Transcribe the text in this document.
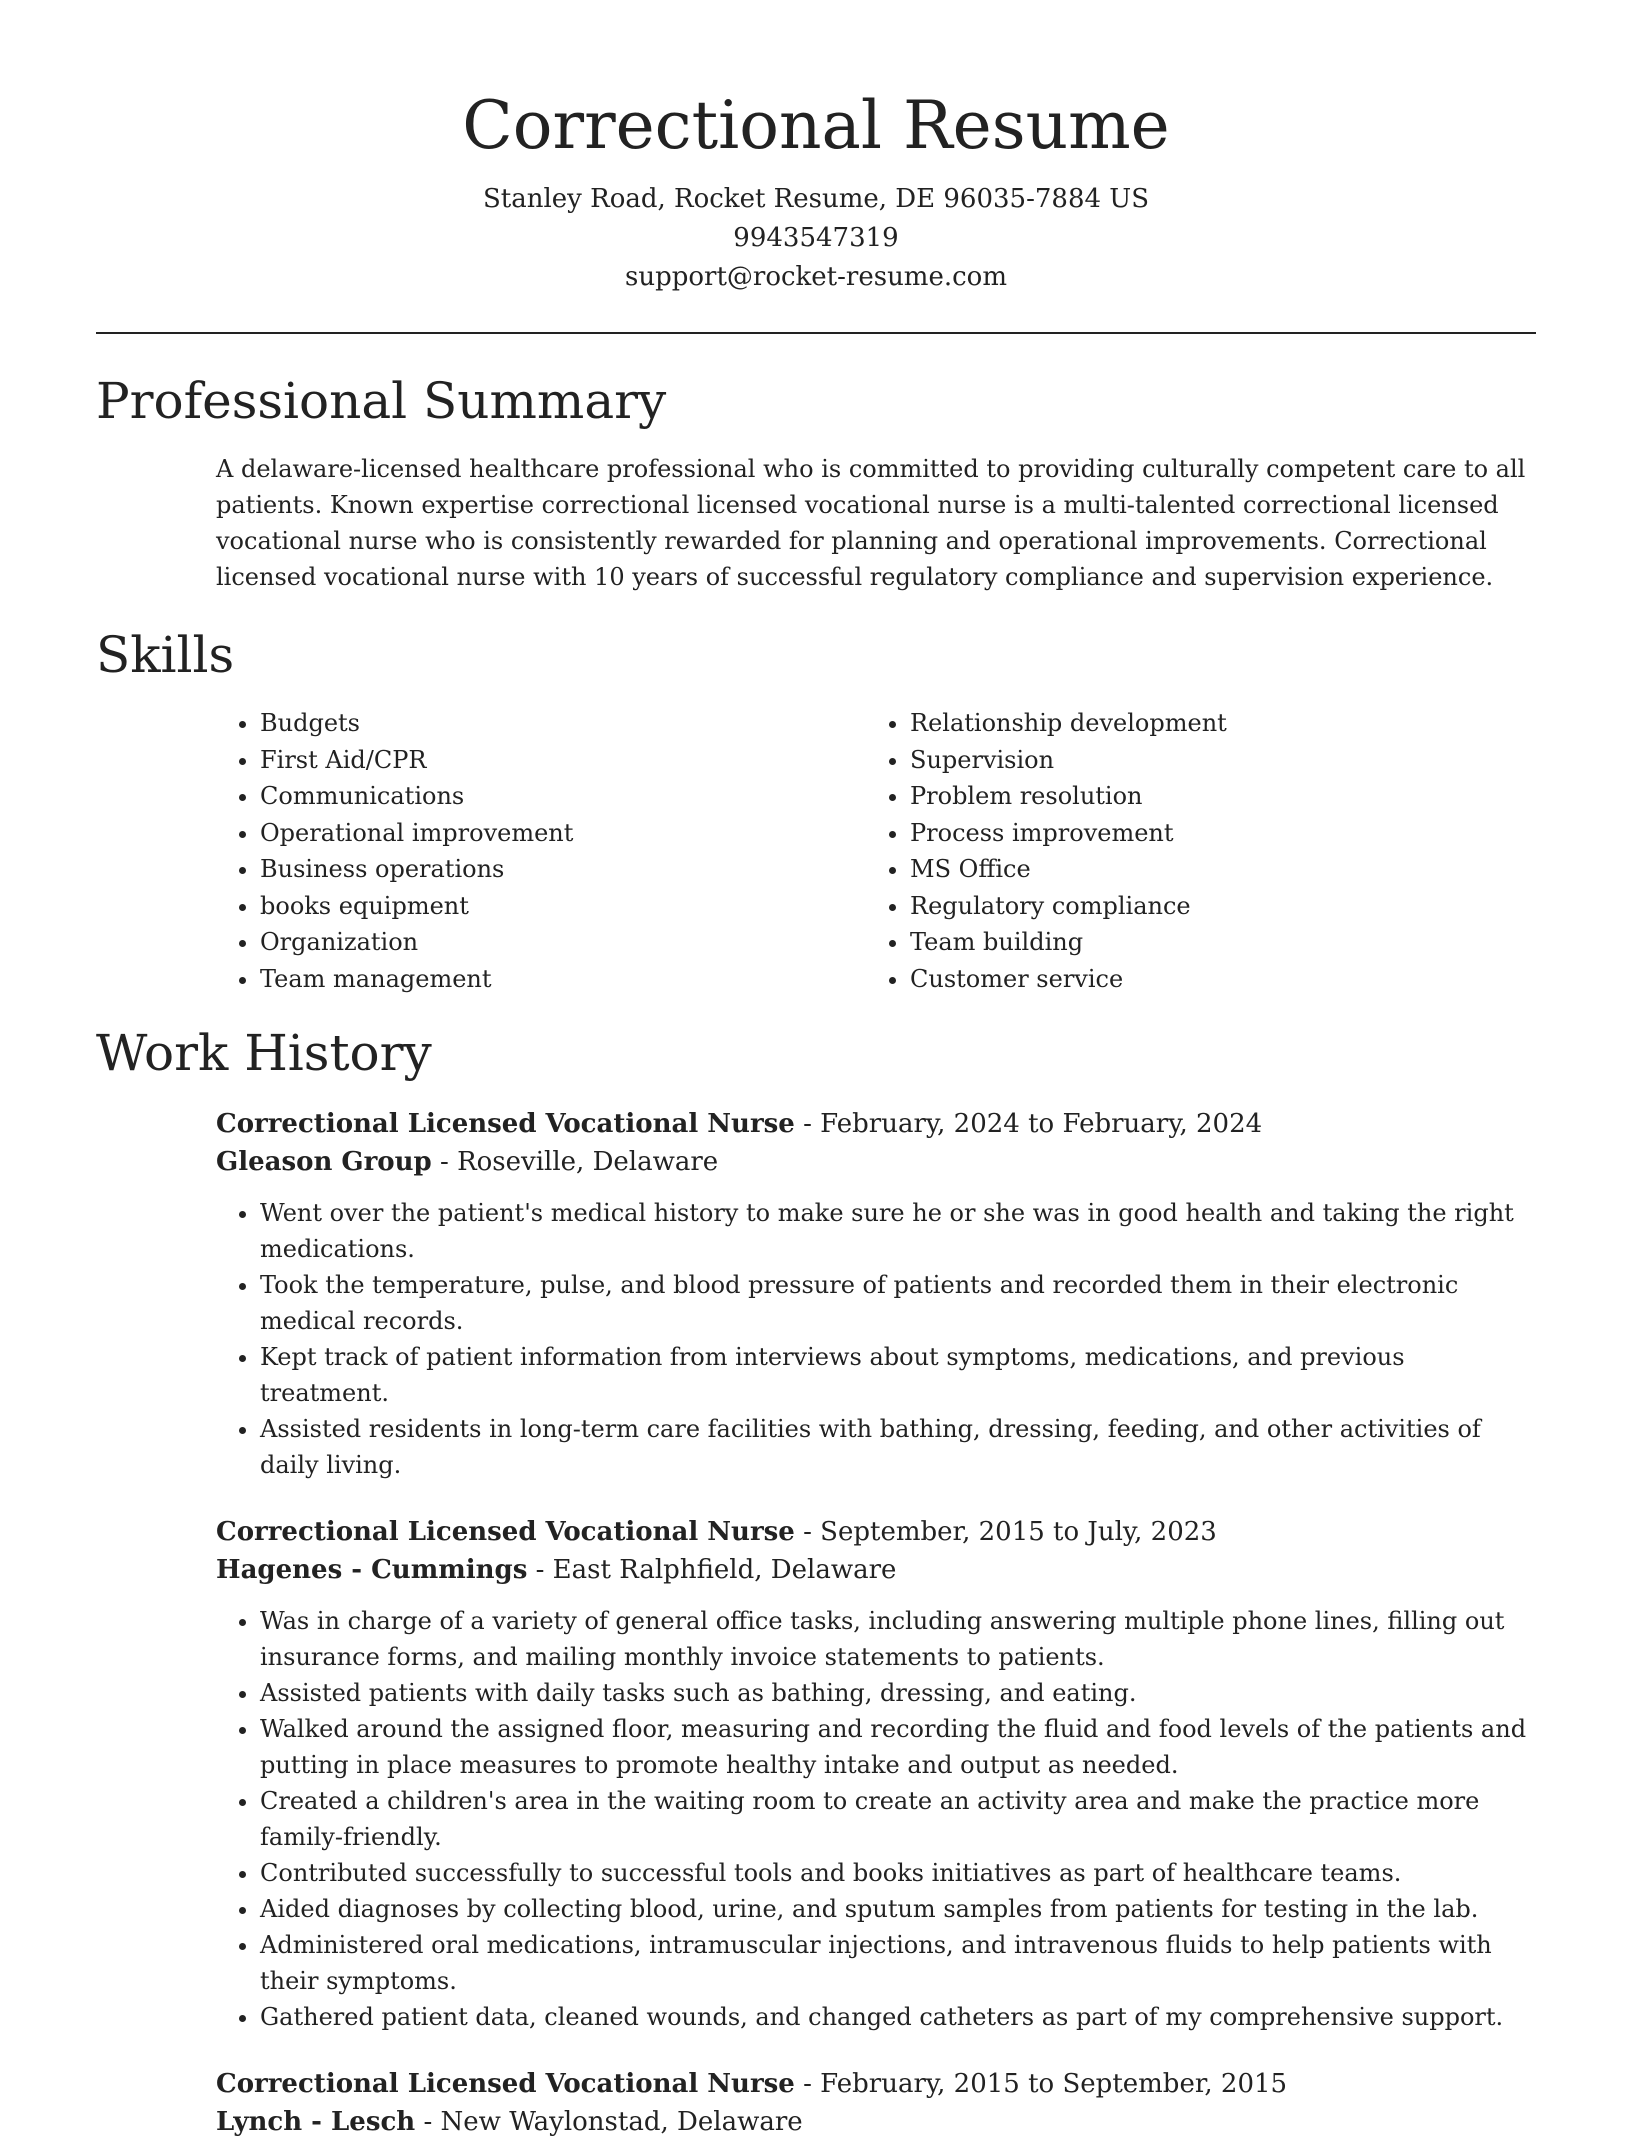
Correctional Resume
Stanley Road, Rocket Resume, DE 96035-7884 US
9943547319
support@rocket-resume.com
Professional Summary

A delaware-licensed healthcare professional who is committed to providing culturally competent care to all patients. Known expertise correctional licensed vocational nurse is a multi-talented correctional licensed vocational nurse who is consistently rewarded for planning and operational improvements. Correctional licensed vocational nurse with 10 years of successful regulatory compliance and supervision experience.

Skills
• Budgets
• First Aid/CPR
• Communications
• Operational improvement
• Business operations
• books equipment
• Organization
• Team management
• Relationship development
• Supervision
• Problem resolution
• Process improvement
• MS Office
• Regulatory compliance
• Team building
• Customer service
Work History
Correctional Licensed Vocational Nurse - February, 2024 to February, 2024
Gleason Group - Roseville, Delaware
• Went over the patient's medical history to make sure he or she was in good health and taking the right medications.
• Took the temperature, pulse, and blood pressure of patients and recorded them in their electronic medical records.
• Kept track of patient information from interviews about symptoms, medications, and previous treatment.
• Assisted residents in long-term care facilities with bathing, dressing, feeding, and other activities of daily living.
Correctional Licensed Vocational Nurse - September, 2015 to July, 2023
Hagenes - Cummings - East Ralphfield, Delaware
• Was in charge of a variety of general office tasks, including answering multiple phone lines, filling out insurance forms, and mailing monthly invoice statements to patients.
• Assisted patients with daily tasks such as bathing, dressing, and eating.
• Walked around the assigned floor, measuring and recording the fluid and food levels of the patients and putting in place measures to promote healthy intake and output as needed.
• Created a children's area in the waiting room to create an activity area and make the practice more family-friendly.
• Contributed successfully to successful tools and books initiatives as part of healthcare teams.
• Aided diagnoses by collecting blood, urine, and sputum samples from patients for testing in the lab.
• Administered oral medications, intramuscular injections, and intravenous fluids to help patients with their symptoms.
• Gathered patient data, cleaned wounds, and changed catheters as part of my comprehensive support.
Correctional Licensed Vocational Nurse - February, 2015 to September, 2015
Lynch - Lesch - New Waylonstad, Delaware
